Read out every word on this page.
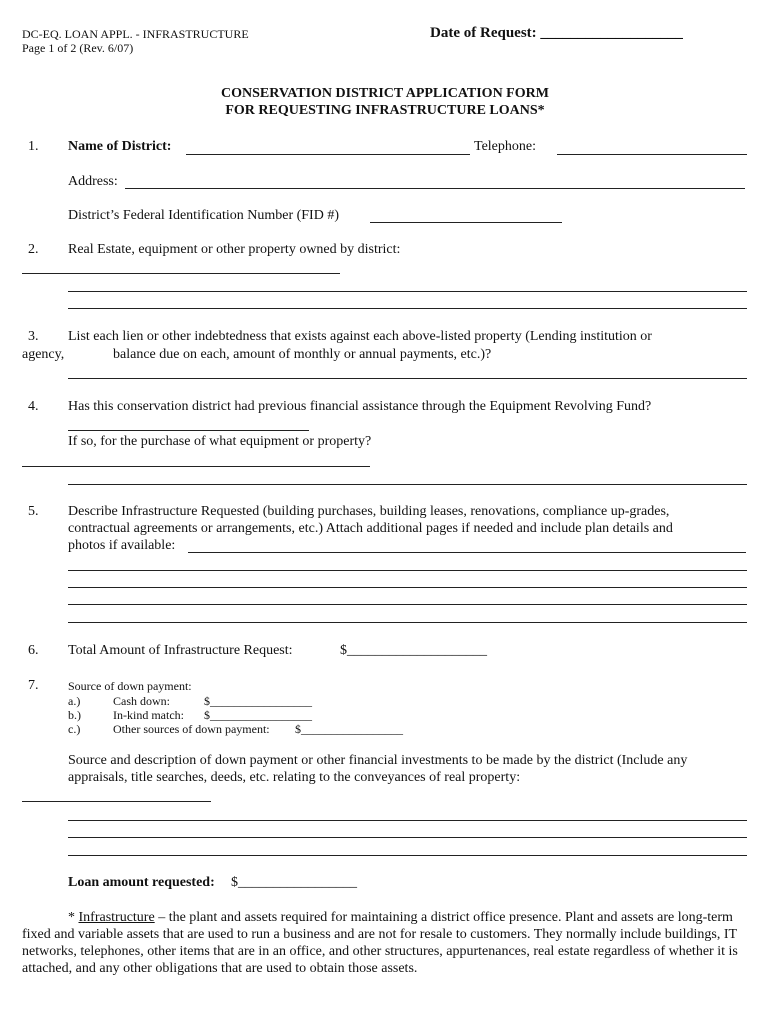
DC-EQ. LOAN APPL. - INFRASTRUCTURE
Page 1 of 2 (Rev. 6/07)
Date of Request: ___________________
CONSERVATION DISTRICT APPLICATION FORM
FOR REQUESTING INFRASTRUCTURE LOANS*
1. Name of District:	Telephone:
Address:
District’s Federal Identification Number (FID #)
2. Real Estate, equipment or other property owned by district:
3. List each lien or other indebtedness that exists against each above-listed property (Lending institution or
agency,	balance due on each, amount of monthly or annual payments, etc.)?
4. Has this conservation district had previous financial assistance through the Equipment Revolving Fund?
If so, for the purchase of what equipment or property?
5. Describe Infrastructure Requested (building purchases, building leases, renovations, compliance up-grades,
contractual agreements or arrangements, etc.) Attach additional pages if needed and include plan details and
photos if available:
6. Total Amount of Infrastructure Request:	$____________________
7. Source of down payment:
a.)	Cash down:	$_________________
b.)	In-kind match: $_________________
c.)	Other sources of down payment: $_________________
Source and description of down payment or other financial investments to be made by the district (Include any
appraisals, title searches, deeds, etc. relating to the conveyances of real property:
Loan amount requested: $_________________
* Infrastructure – the plant and assets required for maintaining a district office presence. Plant and assets are long-term fixed and variable assets that are used to run a business and are not for resale to customers. They normally include buildings, IT networks, telephones, other items that are in an office, and other structures, appurtenances, real estate regardless of whether it is attached, and any other obligations that are used to obtain those assets.
